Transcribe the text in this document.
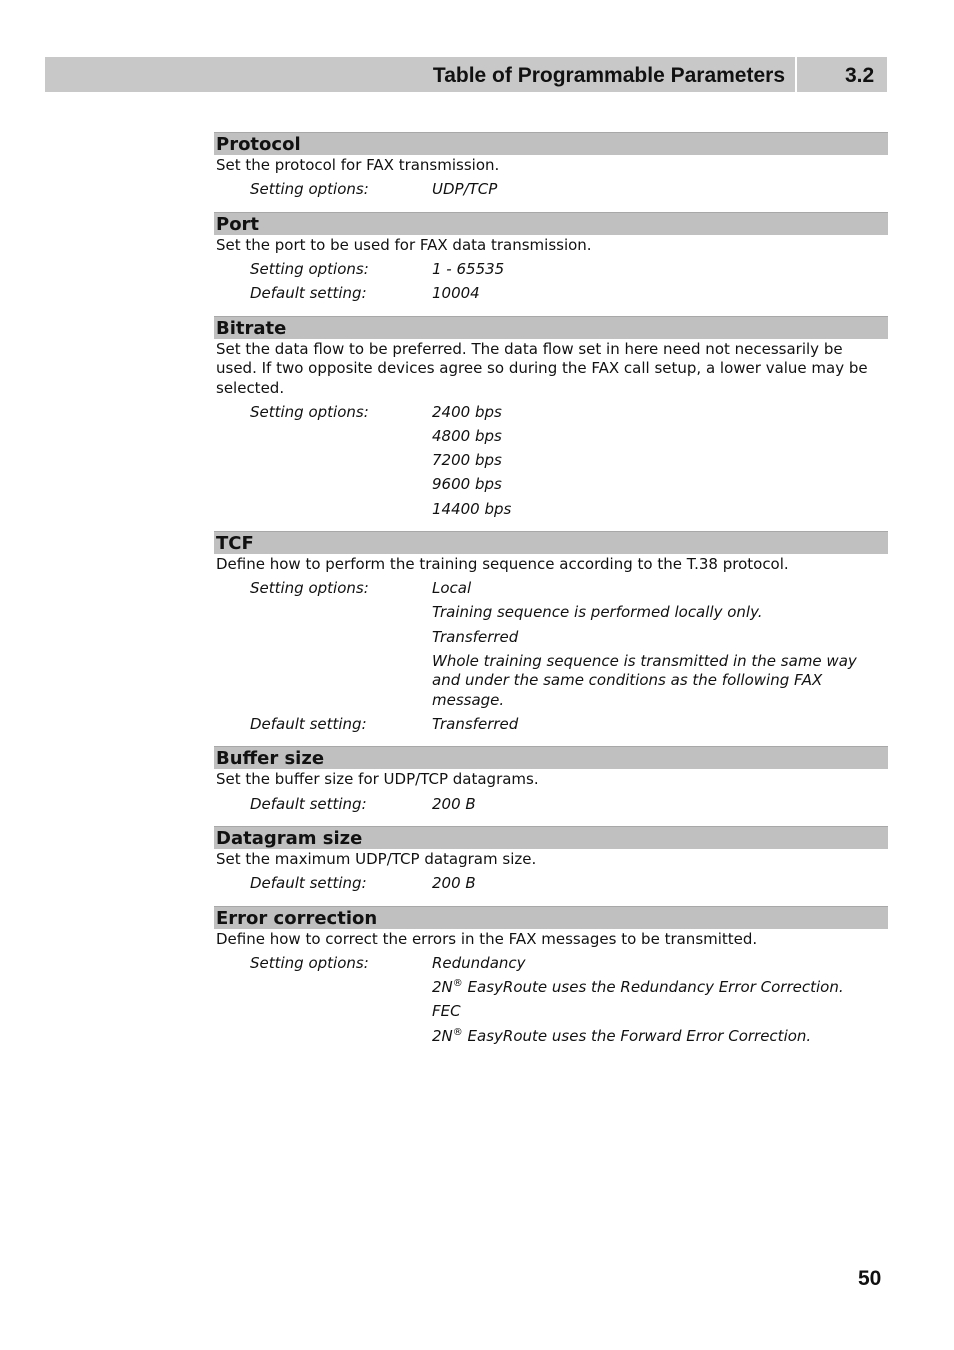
Table of Programmable Parameters	3.2
Protocol
Set the protocol for FAX transmission.
Setting options:	UDP/TCP
Port
Set the port to be used for FAX data transmission.
Setting options:	1 - 65535
Default setting:	10004
Bitrate
Set the data flow to be preferred. The data flow set in here need not necessarily be used. If two opposite devices agree so during the FAX call setup, a lower value may be selected.
Setting options:	2400 bps
4800 bps
7200 bps
9600 bps
14400 bps
TCF
Define how to perform the training sequence according to the T.38 protocol.
Setting options:	Local
Training sequence is performed locally only.
Transferred
Whole training sequence is transmitted in the same way and under the same conditions as the following FAX message.
Default setting:	Transferred
Buffer size
Set the buffer size for UDP/TCP datagrams.
Default setting:	200 B
Datagram size
Set the maximum UDP/TCP datagram size.
Default setting:	200 B
Error correction
Define how to correct the errors in the FAX messages to be transmitted.
Setting options:	Redundancy
2N® EasyRoute uses the Redundancy Error Correction.
FEC
2N® EasyRoute uses the Forward Error Correction.
50
